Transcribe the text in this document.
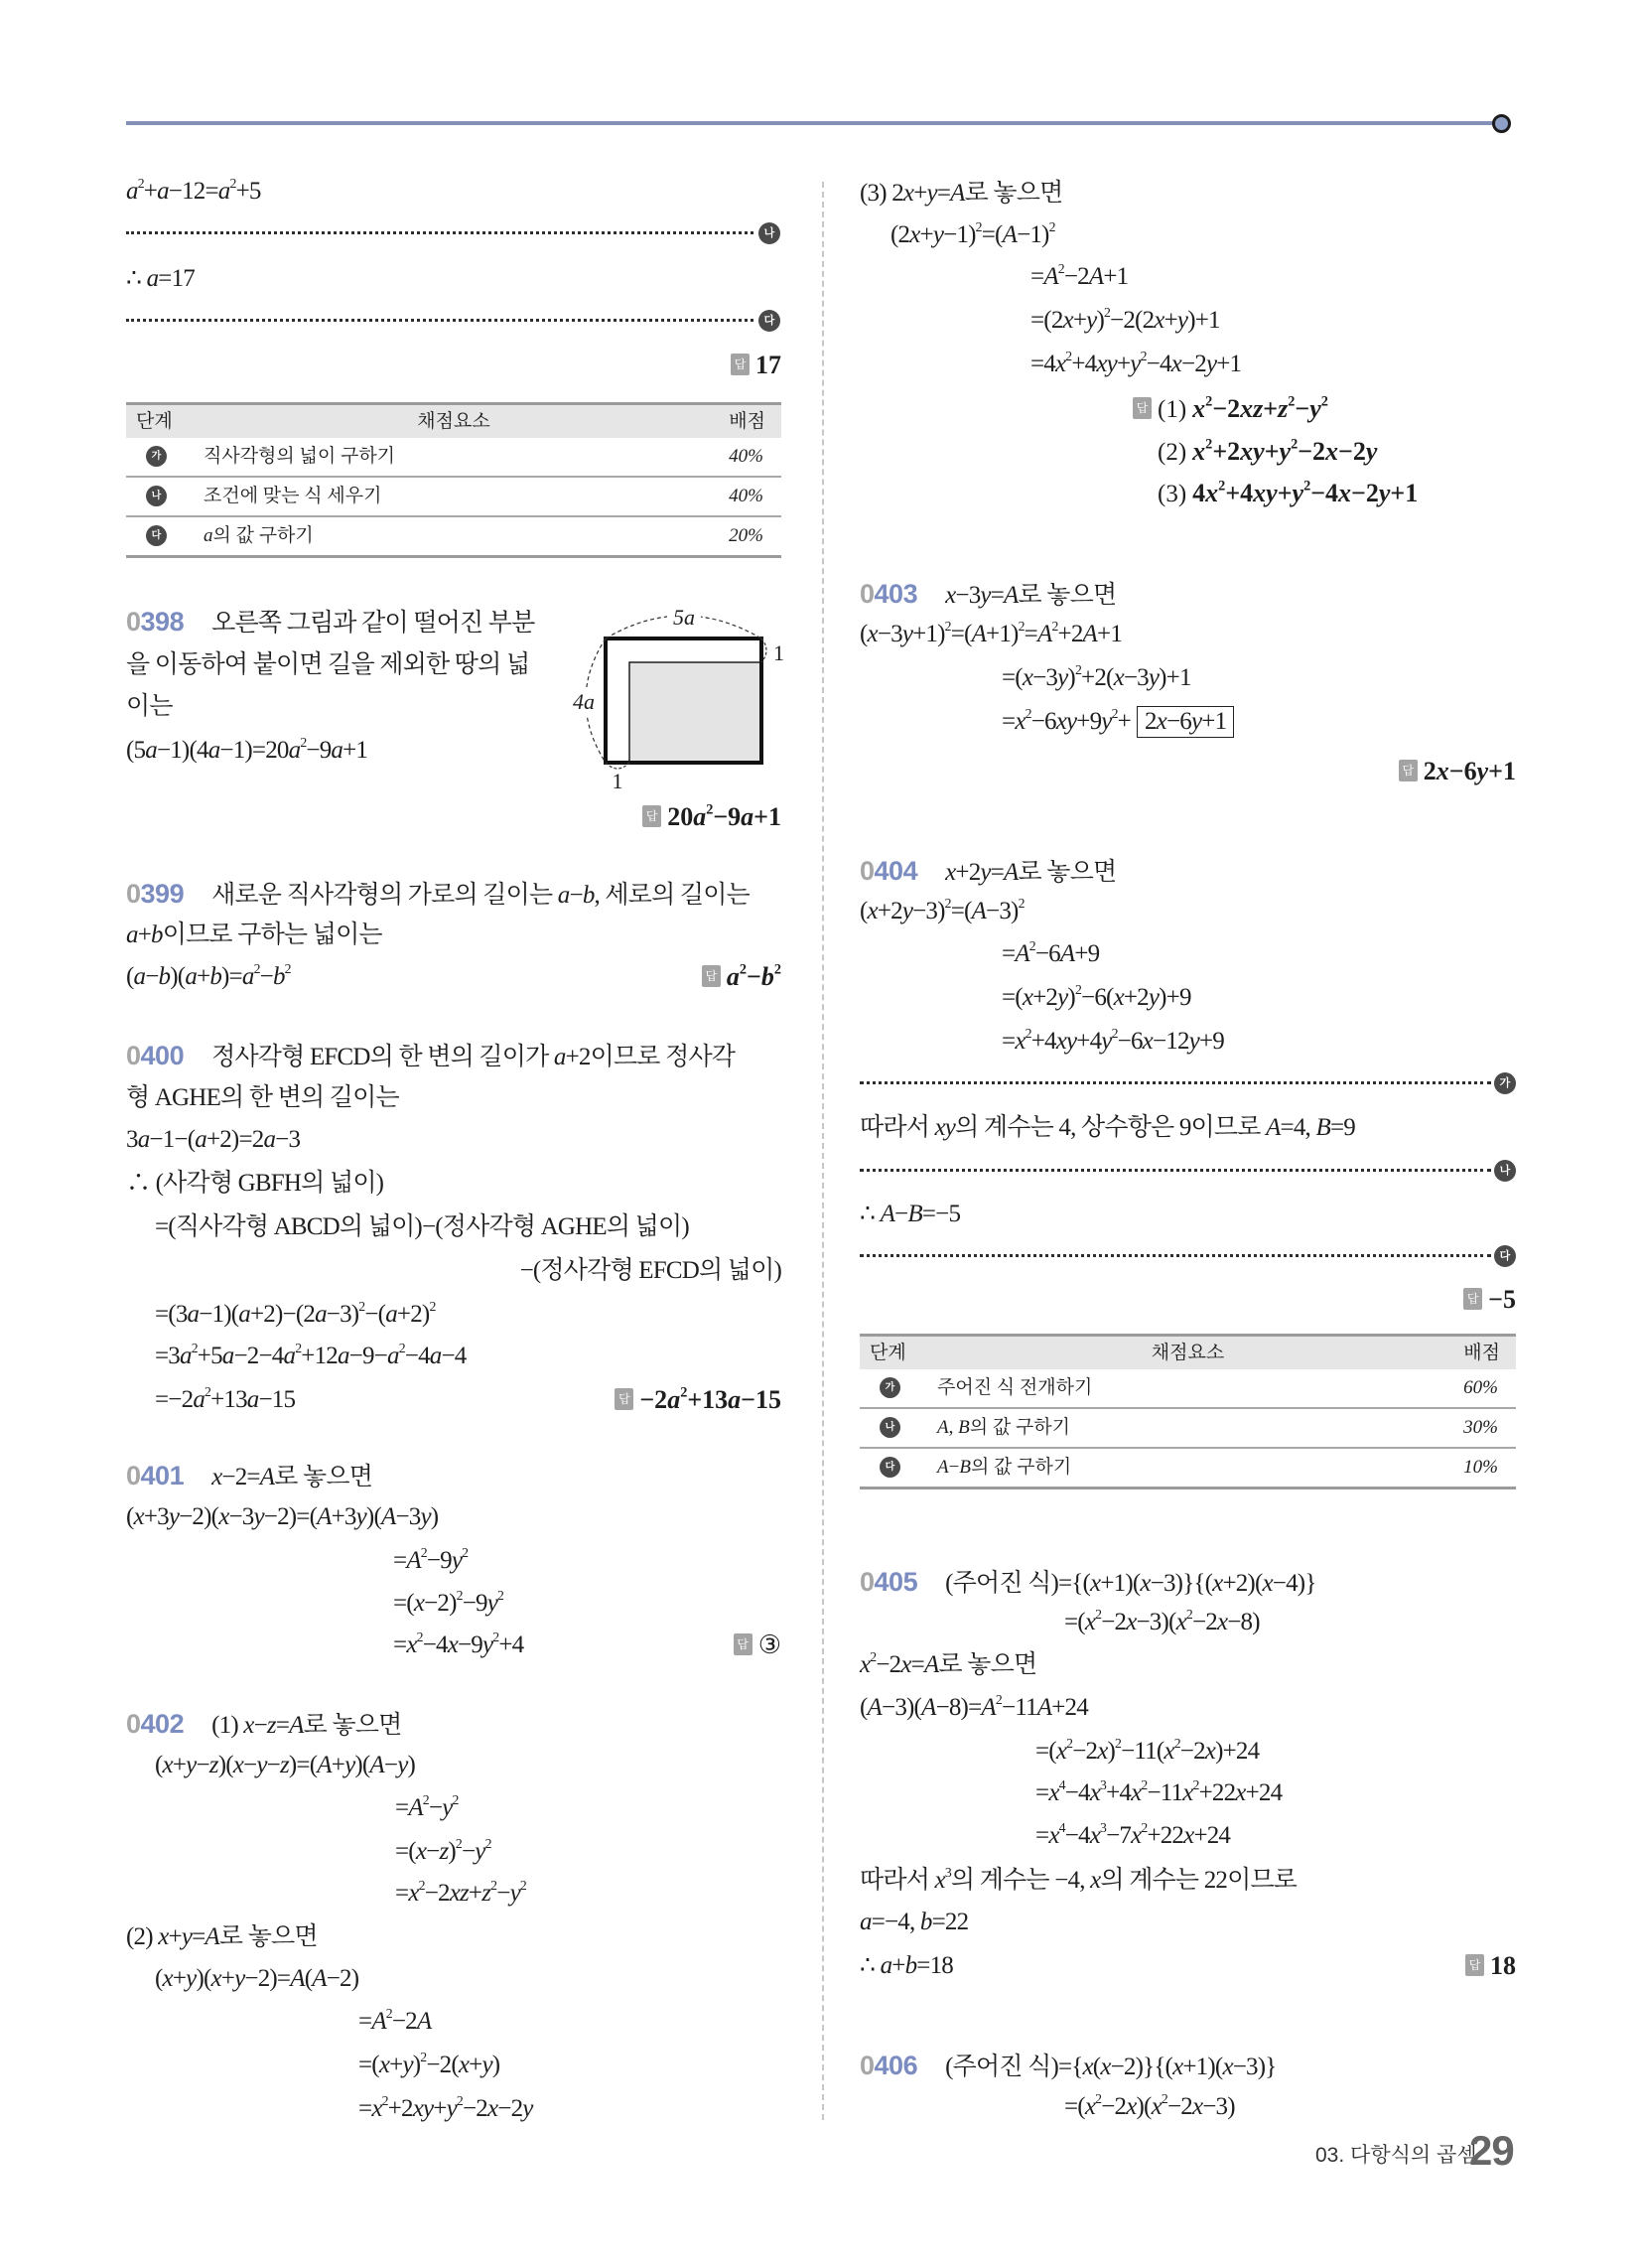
$a^2+a-12=a^2+5$
나
∴ a=17
다
답 17
단계	채점요소	배점
가 직사각형의 넓이 구하기	40%
나 조건에 맞는 식 세우기	40%
다 a의 값 구하기	20%
0398 오른쪽 그림과 같이 떨어진 부분
을 이동하여 붙이면 길을 제외한 땅의 넓
이는
$(5a-1)(4a-1)=20a^2-9a+1$
5a
4a
1
1
답 $20a^2-9a+1$
0399 새로운 직사각형의 가로의 길이는 a−b, 세로의 길이는
a+b이므로 구하는 넓이는
$(a-b)(a+b)=a^2-b^2$
답 $a^2-b^2$
0400 정사각형 EFCD의 한 변의 길이가 a+2이므로 정사각
형 AGHE의 한 변의 길이는
3a−1−(a+2)=2a−3
∴ (사각형 GBFH의 넓이)
=(직사각형 ABCD의 넓이)−(정사각형 AGHE의 넓이)
−(정사각형 EFCD의 넓이)
$=(3a-1)(a+2)-(2a-3)^2-(a+2)^2$
$=3a^2+5a-2-4a^2+12a-9-a^2-4a-4$
$=-2a^2+13a-15$	답 $-2a^2+13a-15$
0401 x−2=A로 놓으면
(x+3y−2)(x−3y−2)=(A+3y)(A−3y)
$=A^2-9y^2$
$=(x-2)^2-9y^2$
$=x^2-4x-9y^2+4$	답 ③
0402 (1) x−z=A로 놓으면
(x+y−z)(x−y−z)=(A+y)(A−y)
$=A^2-y^2$
$=(x-z)^2-y^2$
$=x^2-2xz+z^2-y^2$
(2) x+y=A로 놓으면
(x+y)(x+y−2)=A(A−2)
$=A^2-2A$
$=(x+y)^2-2(x+y)$
$=x^2+2xy+y^2-2x-2y$
(3) 2x+y=A로 놓으면
$(2x+y-1)^2=(A-1)^2$
$=A^2-2A+1$
$=(2x+y)^2-2(2x+y)+1$
$=4x^2+4xy+y^2-4x-2y+1$
답 (1) $x^2-2xz+z^2-y^2$
(2) $x^2+2xy+y^2-2x-2y$
(3) $4x^2+4xy+y^2-4x-2y+1$
0403 x−3y=A로 놓으면
$(x-3y+1)^2=(A+1)^2=A^2+2A+1$
$=(x-3y)^2+2(x-3y)+1$
$=x^2-6xy+9y^2+ 2x-6y+1$
답 2x−6y+1
0404 x+2y=A로 놓으면
$(x+2y-3)^2=(A-3)^2$
$=A^2-6A+9$
$=(x+2y)^2-6(x+2y)+9$
$=x^2+4xy+4y^2-6x-12y+9$
가
따라서 xy의 계수는 4, 상수항은 9이므로 A=4, B=9
나
∴ A−B=−5
다
답 −5
단계	채점요소	배점
가 주어진 식 전개하기	60%
나 A, B의 값 구하기	30%
다 A−B의 값 구하기	10%
0405 (주어진 식)={(x+1)(x−3)}{(x+2)(x−4)}
$=(x^2-2x-3)(x^2-2x-8)$
$x^2-2x=A$로 놓으면
$(A-3)(A-8)=A^2-11A+24$
$=(x^2-2x)^2-11(x^2-2x)+24$
$=x^4-4x^3+4x^2-11x^2+22x+24$
$=x^4-4x^3-7x^2+22x+24$
따라서 $x^3$의 계수는 −4, x의 계수는 22이므로
a=−4, b=22
∴ a+b=18	답 18
0406 (주어진 식)={x(x−2)}{(x+1)(x−3)}
$=(x^2-2x)(x^2-2x-3)$
03. 다항식의 곱셈
29
